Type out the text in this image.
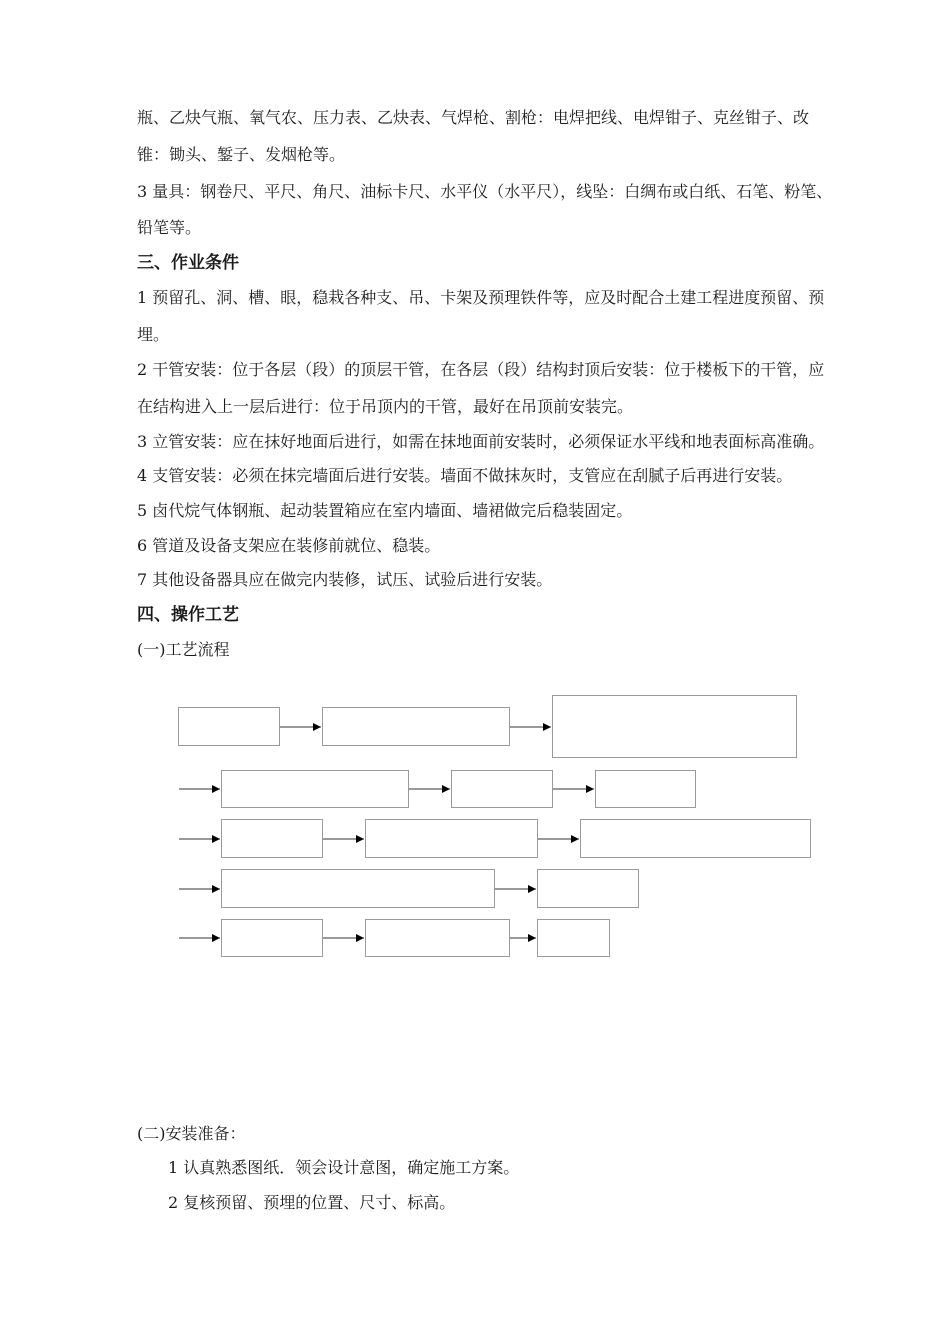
瓶、乙炔气瓶、氧气农、压力表、乙炔表、气焊枪、割枪：电焊把线、电焊钳子、克丝钳子、改
锥：锄头、錾子、发烟枪等。
3 量具：钢卷尺、平尺、角尺、油标卡尺、水平仪（水平尺），线坠：白绸布或白纸、石笔、粉笔、
铅笔等。
三、作业条件
1 预留孔、洞、槽、眼，稳栽各种支、吊、卡架及预理铁件等，应及时配合土建工程进度预留、预
埋。
2 干管安装：位于各层（段）的顶层干管，在各层（段）结构封顶后安装：位于楼板下的干管，应
在结构进入上一层后进行：位于吊顶内的干管，最好在吊顶前安装完。
3 立管安装：应在抹好地面后进行，如需在抹地面前安装时，必须保证水平线和地表面标高准确。
4 支管安装：必须在抹完墙面后进行安装。墙面不做抹灰时，支管应在刮腻子后再进行安装。
5 卤代烷气体钢瓶、起动装置箱应在室内墙面、墙裙做完后稳装固定。
6 管道及设备支架应在装修前就位、稳装。
7 其他设备器具应在做完内装修，试压、试验后进行安装。
四、操作工艺
(一)工艺流程
(二)安装准备：
1 认真熟悉图纸．领会设计意图，确定施工方案。
2 复核预留、预埋的位置、尺寸、标高。
